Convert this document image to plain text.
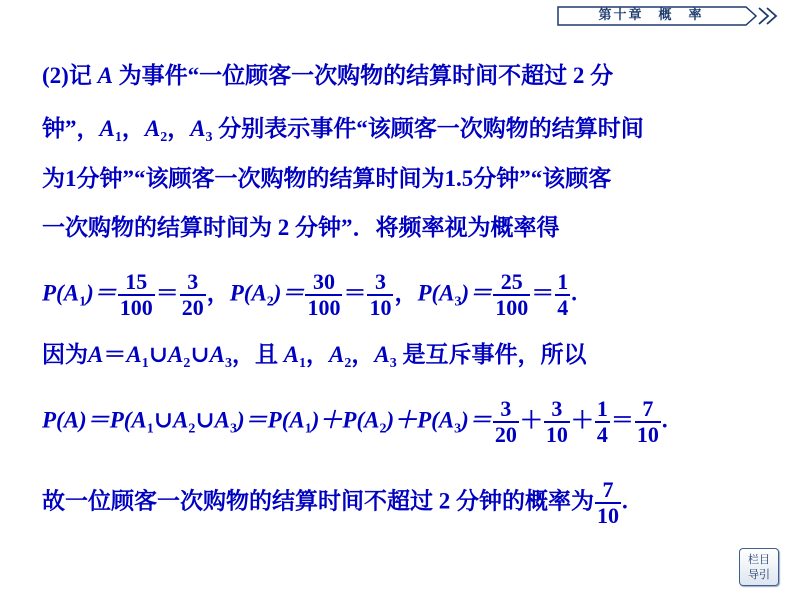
第十章　概　率
(2)记 A 为事件“一位顾客一次购物的结算时间不超过 2 分
钟”，$A_1$，$A_2$，$A_3$ 分别表示事件“该顾客一次购物的结算时间
为1分钟”“该顾客一次购物的结算时间为1.5分钟”“该顾客
一次购物的结算时间为 2 分钟”．将频率视为概率得
$P(A_1)= \frac{15}{100} = \frac{3}{20}$ ，$P(A_2)= \frac{30}{100} = \frac{3}{10}$ ，$P(A_3)= \frac{25}{100} = \frac{1}{4}$ .
因为$A=A_1\cup A_2\cup A_3$，且 $A_1$，$A_2$，$A_3$ 是互斥事件，所以
$P(A)=P(A_1\cup A_2\cup A_3)=P(A_1)+P(A_2)+P(A_3)= \frac{3}{20} + \frac{3}{10} + \frac{1}{4} = \frac{7}{10}$ .
故一位顾客一次购物的结算时间不超过 2 分钟的概率为 $\frac{7}{10}$ .
栏目
导引
